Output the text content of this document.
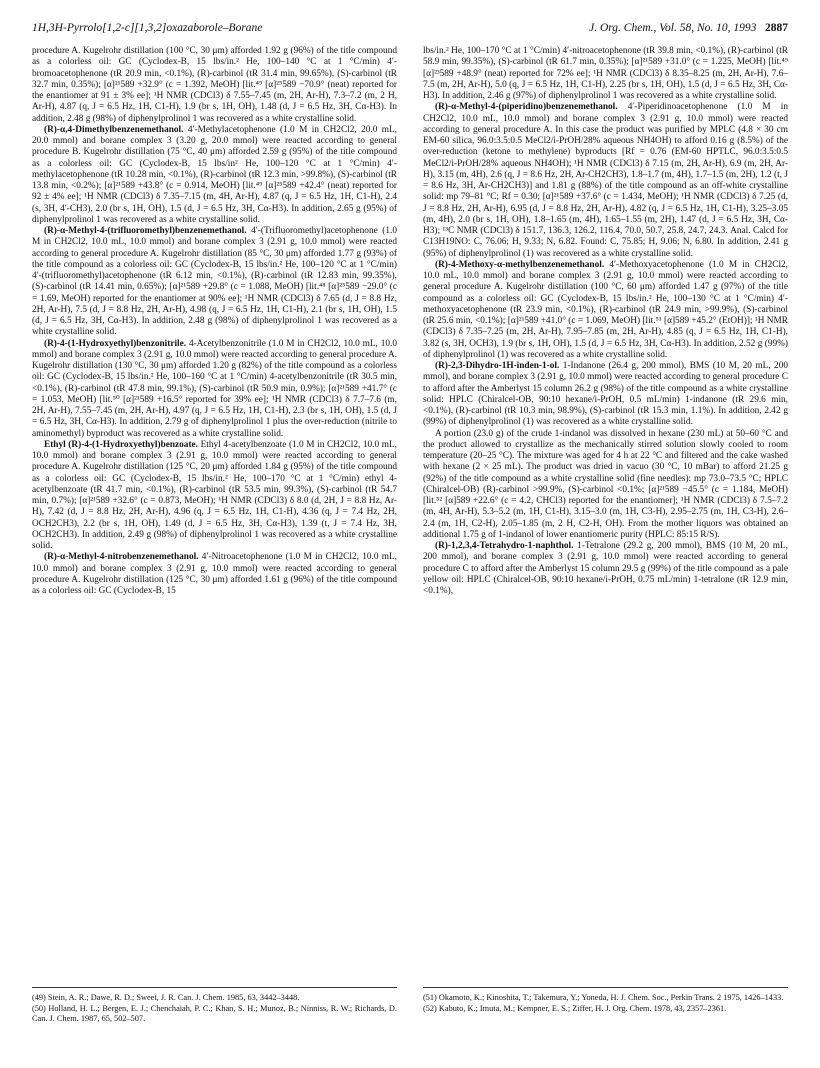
1H,3H-Pyrrolo[1,2-c][1,3,2]oxazaborole–Borane	J. Org. Chem., Vol. 58, No. 10, 1993 2887

procedure A. Kugelrohr distillation (100 °C, 30 μm) afforded 1.92 g (96%) of the title compound as a colorless oil: GC (Cyclodex-B, 15 lbs/in.² He, 100–140 °C at 1 °C/min) 4′-bromoacetophenone (tR 20.9 min, <0.1%), (R)-carbinol (tR 31.4 min, 99.65%), (S)-carbinol (tR 32.7 min, 0.35%); [α]²¹589 +32.9° (c = 1.392, MeOH) [lit.⁴⁹ [α]²⁵589 −70.9° (neat) reported for the enantiomer at 91 ± 3% ee]; ¹H NMR (CDCl3) δ 7.55–7.45 (m, 2H, Ar-H), 7.3–7.2 (m, 2 H, Ar-H), 4.87 (q, J = 6.5 Hz, 1H, C1-H), 1.9 (br s, 1H, OH), 1.48 (d, J = 6.5 Hz, 3H, Cα-H3). In addition, 2.48 g (98%) of diphenylprolinol 1 was recovered as a white crystalline solid.

(R)-α,4-Dimethylbenzenemethanol. 4′-Methylacetophenone (1.0 M in CH2Cl2, 20.0 mL, 20.0 mmol) and borane complex 3 (3.20 g, 20.0 mmol) were reacted according to general procedure B. Kugelrohr distillation (75 °C, 40 μm) afforded 2.59 g (95%) of the title compound as a colorless oil: GC (Cyclodex-B, 15 lbs/in² He, 100–120 °C at 1 °C/min) 4′-methylacetophenone (tR 10.28 min, <0.1%), (R)-carbinol (tR 12.3 min, >99.8%), (S)-carbinol (tR 13.8 min, <0.2%); [α]²¹589 +43.8° (c = 0.914, MeOH) [lit.⁴⁹ [α]²⁵589 +42.4° (neat) reported for 92 ± 4% ee]; ¹H NMR (CDCl3) δ 7.35–7.15 (m, 4H, Ar-H), 4.87 (q, J = 6.5 Hz, 1H, C1-H), 2.4 (s, 3H, 4′-CH3), 2.0 (br s, 1H, OH), 1.5 (d, J = 6.5 Hz, 3H, Cα-H3). In addition, 2.65 g (95%) of diphenylprolinol 1 was recovered as a white crystalline solid.

(R)-α-Methyl-4-(trifluoromethyl)benzenemethanol. 4′-(Trifluoromethyl)acetophenone (1.0 M in CH2Cl2, 10.0 mL, 10.0 mmol) and borane complex 3 (2.91 g, 10.0 mmol) were reacted according to general procedure A. Kugelrohr distillation (85 °C, 30 μm) afforded 1.77 g (93%) of the title compound as a colorless oil: GC (Cyclodex-B, 15 lbs/in.² He, 100–120 °C at 1 °C/min) 4′-(trifluoromethyl)acetophenone (tR 6.12 min, <0.1%), (R)-carbinol (tR 12.83 min, 99.35%), (S)-carbinol (tR 14.41 min, 0.65%); [α]²¹589 +29.8° (c = 1.088, MeOH) [lit.⁴⁸ [α]²⁵589 −29.0° (c = 1.69, MeOH) reported for the enantiomer at 90% ee]; ¹H NMR (CDCl3) δ 7.65 (d, J = 8.8 Hz, 2H, Ar-H), 7.5 (d, J = 8.8 Hz, 2H, Ar-H), 4.98 (q, J = 6.5 Hz, 1H, C1-H), 2.1 (br s, 1H, OH), 1.5 (d, J = 6.5 Hz, 3H, Cα-H3). In addition, 2.48 g (98%) of diphenylprolinol 1 was recovered as a white crystalline solid.

(R)-4-(1-Hydroxyethyl)benzonitrile. 4-Acetylbenzonitrile (1.0 M in CH2Cl2, 10.0 mL, 10.0 mmol) and borane complex 3 (2.91 g, 10.0 mmol) were reacted according to general procedure A. Kugelrohr distillation (130 °C, 30 μm) afforded 1.20 g (82%) of the title compound as a colorless oil: GC (Cyclodex-B, 15 lbs/in.² He, 100–160 °C at 1 °C/min) 4-acetylbenzonitrile (tR 30.5 min, <0.1%), (R)-carbinol (tR 47.8 min, 99.1%), (S)-carbinol (tR 50.9 min, 0.9%); [α]²¹589 +41.7° (c = 1.053, MeOH) [lit.⁵⁰ [α]²¹589 +16.5° reported for 39% ee]; ¹H NMR (CDCl3) δ 7.7–7.6 (m, 2H, Ar-H), 7.55–7.45 (m, 2H, Ar-H), 4.97 (q, J = 6.5 Hz, 1H, C1-H), 2.3 (br s, 1H, OH), 1.5 (d, J = 6.5 Hz, 3H, Cα-H3). In addition, 2.79 g of diphenylprolinol 1 plus the over-reduction (nitrile to aminomethyl) byproduct was recovered as a white crystalline solid.

Ethyl (R)-4-(1-Hydroxyethyl)benzoate. Ethyl 4-acetylbenzoate (1.0 M in CH2Cl2, 10.0 mL, 10.0 mmol) and borane complex 3 (2.91 g, 10.0 mmol) were reacted according to general procedure A. Kugelrohr distillation (125 °C, 20 μm) afforded 1.84 g (95%) of the title compound as a colorless oil: GC (Cyclodex-B, 15 lbs/in.² He, 100–170 °C at 1 °C/min) ethyl 4-acetylbenzoate (tR 41.7 min, <0.1%), (R)-carbinol (tR 53.5 min, 99.3%), (S)-carbinol (tR 54.7 min, 0.7%); [α]²¹589 +32.6° (c = 0.873, MeOH); ¹H NMR (CDCl3) δ 8.0 (d, 2H, J = 8.8 Hz, Ar-H), 7.42 (d, J = 8.8 Hz, 2H, Ar-H), 4.96 (q, J = 6.5 Hz, 1H, C1-H), 4.36 (q, J = 7.4 Hz, 2H, OCH2CH3), 2.2 (br s, 1H, OH), 1.49 (d, J = 6.5 Hz, 3H, Cα-H3), 1.39 (t, J = 7.4 Hz, 3H, OCH2CH3). In addition, 2.49 g (98%) of diphenylprolinol 1 was recovered as a white crystalline solid.

(R)-α-Methyl-4-nitrobenzenemethanol. 4′-Nitroacetophenone (1.0 M in CH2Cl2, 10.0 mL, 10.0 mmol) and borane complex 3 (2.91 g, 10.0 mmol) were reacted according to general procedure A. Kugelrohr distillation (125 °C, 30 μm) afforded 1.61 g (96%) of the title compound as a colorless oil: GC (Cyclodex-B, 15

lbs/in.² He, 100–170 °C at 1 °C/min) 4′-nitroacetophenone (tR 39.8 min, <0.1%), (R)-carbinol (tR 58.9 min, 99.35%), (S)-carbinol (tR 61.7 min, 0.35%); [α]²¹589 +31.0° (c = 1.225, MeOH) [lit.⁴⁹ [α]²³589 +48.9° (neat) reported for 72% ee]; ¹H NMR (CDCl3) δ 8.35–8.25 (m, 2H, Ar-H), 7.6–7.5 (m, 2H, Ar-H), 5.0 (q, J = 6.5 Hz, 1H, C1-H), 2.25 (br s, 1H, OH), 1.5 (d, J = 6.5 Hz, 3H, Cα-H3). In addition, 2.46 g (97%) of diphenylprolinol 1 was recovered as a white crystalline solid.

(R)-α-Methyl-4-(piperidino)benzenemethanol. 4′-Piperidinoacetophenone (1.0 M in CH2Cl2, 10.0 mL, 10.0 mmol) and borane complex 3 (2.91 g, 10.0 mmol) were reacted according to general procedure A. In this case the product was purified by MPLC (4.8 × 30 cm EM-60 silica, 96.0:3.5:0.5 MeCl2/i-PrOH/28% aqueous NH4OH) to afford 0.16 g (8.5%) of the over-reduction (ketone to methylene) byproducts [Rf = 0.76 (EM-60 HPTLC, 96.0:3.5:0.5 MeCl2/i-PrOH/28% aqueous NH4OH); ¹H NMR (CDCl3) δ 7.15 (m, 2H, Ar-H), 6.9 (m, 2H, Ar-H), 3.15 (m, 4H), 2.6 (q, J = 8.6 Hz, 2H, Ar-CH2CH3), 1.8–1.7 (m, 4H), 1.7–1.5 (m, 2H), 1.2 (t, J = 8.6 Hz, 3H, Ar-CH2CH3)] and 1.81 g (88%) of the title compound as an off-white crystalline solid: mp 79–81 °C; Rf = 0.30; [α]²¹589 +37.6° (c = 1.434, MeOH); ¹H NMR (CDCl3) δ 7.25 (d, J = 8.8 Hz, 2H, Ar-H), 6.95 (d, J = 8.8 Hz, 2H, Ar-H), 4.82 (q, J = 6.5 Hz, 1H, C1-H), 3.25–3.05 (m, 4H), 2.0 (br s, 1H, OH), 1.8–1.65 (m, 4H), 1.65–1.55 (m, 2H), 1.47 (d, J = 6.5 Hz, 3H, Cα-H3); ¹³C NMR (CDCl3) δ 151.7, 136.3, 126.2, 116.4, 70.0, 50.7, 25.8, 24.7, 24.3. Anal. Calcd for C13H19NO: C, 76.06; H, 9.33; N, 6.82. Found: C, 75.85; H, 9.06; N, 6.80. In addition, 2.41 g (95%) of diphenylprolinol (1) was recovered as a white crystalline solid.

(R)-4-Methoxy-α-methylbenzenemethanol. 4′-Methoxyacetophenone (1.0 M in CH2Cl2, 10.0 mL, 10.0 mmol) and borane complex 3 (2.91 g, 10.0 mmol) were reacted according to general procedure A. Kugelrohr distillation (100 °C, 60 μm) afforded 1.47 g (97%) of the title compound as a colorless oil: GC (Cyclodex-B, 15 lbs/in.² He, 100–130 °C at 1 °C/min) 4′-methoxyacetophenone (tR 23.9 min, <0.1%), (R)-carbinol (tR 24.9 min, >99.9%), (S)-carbinol (tR 25.6 min, <0.1%); [α]²¹589 +41.0° (c = 1.069, MeOH) [lit.⁵¹ [α]589 +45.2° (EtOH)]; ¹H NMR (CDCl3) δ 7.35–7.25 (m, 2H, Ar-H), 7.95–7.85 (m, 2H, Ar-H), 4.85 (q, J = 6.5 Hz, 1H, C1-H), 3.82 (s, 3H, OCH3), 1.9 (br s, 1H, OH), 1.5 (d, J = 6.5 Hz, 3H, Cα-H3). In addition, 2.52 g (99%) of diphenylprolinol (1) was recovered as a white crystalline solid.

(R)-2,3-Dihydro-1H-inden-1-ol. 1-Indanone (26.4 g, 200 mmol), BMS (10 M, 20 mL, 200 mmol), and borane complex 3 (2.91 g, 10.0 mmol) were reacted according to general procedure C to afford after the Amberlyst 15 column 26.2 g (98%) of the title compound as a white crystalline solid: HPLC (Chiralcel-OB, 90:10 hexane/i-PrOH, 0.5 mL/min) 1-indanone (tR 29.6 min, <0.1%), (R)-carbinol (tR 10.3 min, 98.9%), (S)-carbinol (tR 15.3 min, 1.1%). In addition, 2.42 g (99%) of diphenylprolinol (1) was recovered as a white crystalline solid.

A portion (23.0 g) of the crude 1-indanol was dissolved in hexane (230 mL) at 50–60 °C and the product allowed to crystallize as the mechanically stirred solution slowly cooled to room temperature (20–25 °C). The mixture was aged for 4 h at 22 °C and filtered and the cake washed with hexane (2 × 25 mL). The product was dried in vacuo (30 °C, 10 mBar) to afford 21.25 g (92%) of the title compound as a white crystalline solid (fine needles): mp 73.0–73.5 °C; HPLC (Chiralcel-OB) (R)-carbinol >99.9%, (S)-carbinol <0.1%; [α]²¹589 −45.5° (c = 1.184, MeOH) [lit.⁵² [α]589 +22.6° (c = 4.2, CHCl3) reported for the enantiomer]; ¹H NMR (CDCl3) δ 7.5–7.2 (m, 4H, Ar-H), 5.3–5.2 (m, 1H, C1-H), 3.15–3.0 (m, 1H, C3-H), 2.95–2.75 (m, 1H, C3-H), 2.6–2.4 (m, 1H, C2-H), 2.05–1.85 (m, 2 H, C2-H, OH). From the mother liquors was obtained an additional 1.75 g of 1-indanol of lower enantiomeric purity (HPLC: 85:15 R/S).

(R)-1,2,3,4-Tetrahydro-1-naphthol. 1-Tetralone (29.2 g, 200 mmol), BMS (10 M, 20 mL, 200 mmol), and borane complex 3 (2.91 g, 10.0 mmol) were reacted according to general procedure C to afford after the Amberlyst 15 column 29.5 g (99%) of the title compound as a pale yellow oil: HPLC (Chiralcel-OB, 90:10 hexane/i-PrOH, 0.75 mL/min) 1-tetralone (tR 12.9 min, <0.1%),

(49) Stein, A. R.; Dawe, R. D.; Sweet, J. R. Can. J. Chem. 1985, 63, 3442–3448.

(50) Holland, H. L.; Bergen, E. J.; Chenchaiah, P. C.; Khan, S. H.; Munoz, B.; Ninniss, R. W.; Richards, D. Can. J. Chem. 1987, 65, 502–507.

(51) Okamoto, K.; Kinoshita, T.; Takemura, Y.; Yoneda, H. J. Chem. Soc., Perkin Trans. 2 1975, 1426–1433.

(52) Kabuto, K.; Imuta, M.; Kempner, E. S.; Ziffer, H. J. Org. Chem. 1978, 43, 2357–2361.
